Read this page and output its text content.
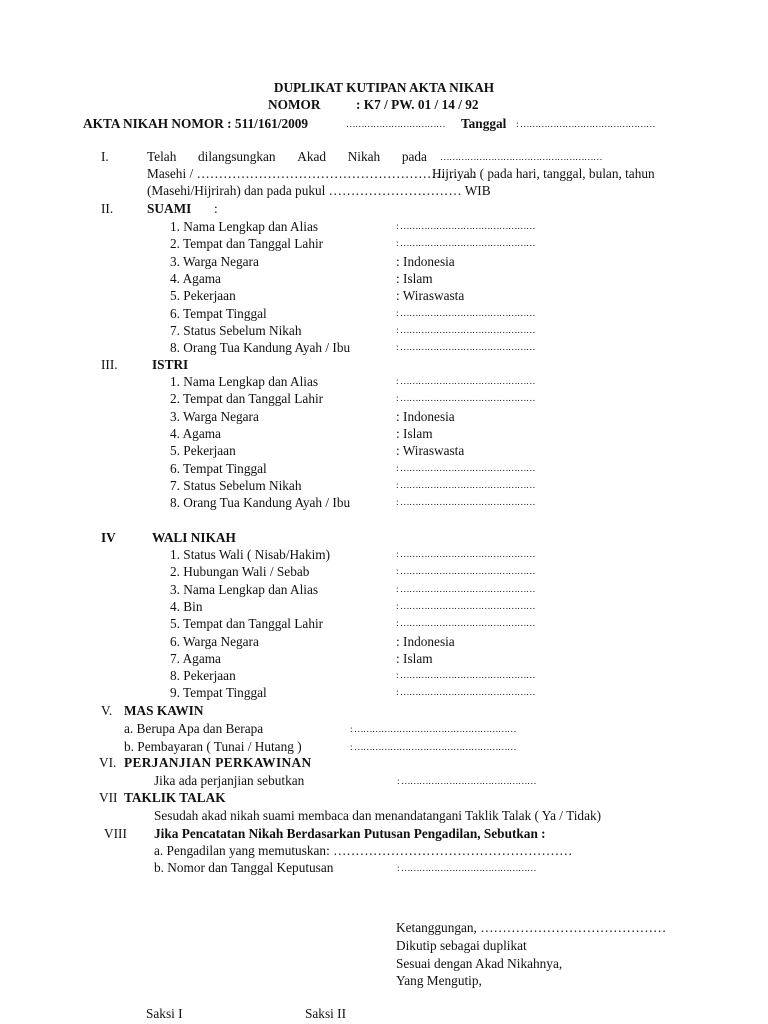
DUPLIKAT KUTIPAN AKTA NIKAH
NOMOR	: K7 / PW. 01 / 14 / 92
AKTA NIKAH NOMOR : 511/161/2009	…………………………… Tanggal : ………………………………………
I.	Telah dilangsungkan Akad Nikah pada ………………………………………………
Masehi / ………………………………………………………
Hijriyah ( pada hari, tanggal, bulan, tahun
(Masehi/Hijrirah) dan pada pukul ………………………… WIB
II.	SUAMI :
1. Nama Lengkap dan Alias	: ………………………………………
2. Tempat dan Tanggal Lahir	: ………………………………………
3. Warga Negara	: Indonesia
4. Agama	: Islam
5. Pekerjaan	: Wiraswasta
6. Tempat Tinggal	: ………………………………………
7. Status Sebelum Nikah	: ………………………………………
8. Orang Tua Kandung Ayah / Ibu	: ………………………………………
III.	ISTRI
1. Nama Lengkap dan Alias	: ………………………………………
2. Tempat dan Tanggal Lahir	: ………………………………………
3. Warga Negara	: Indonesia
4. Agama	: Islam
5. Pekerjaan	: Wiraswasta
6. Tempat Tinggal	: ………………………………………
7. Status Sebelum Nikah	: ………………………………………
8. Orang Tua Kandung Ayah / Ibu	: ………………………………………
IV	WALI NIKAH
1. Status Wali ( Nisab/Hakim)	: ………………………………………
2. Hubungan Wali / Sebab	: ………………………………………
3. Nama Lengkap dan Alias	: ………………………………………
4. Bin	: ………………………………………
5. Tempat dan Tanggal Lahir	: ………………………………………
6. Warga Negara	: Indonesia
7. Agama	: Islam
8. Pekerjaan	: ………………………………………
9. Tempat Tinggal	: ………………………………………
V. MAS KAWIN
a. Berupa Apa dan Berapa	: ………………………………………………
b. Pembayaran ( Tunai / Hutang )	: ………………………………………………
VI. PERJANJIAN PERKAWINAN
Jika ada perjanjian sebutkan	: ………………………………………
VII TAKLIK TALAK
Sesudah akad nikah suami membaca dan menandatangani Taklik Talak ( Ya / Tidak)
VIII Jika Pencatatan Nikah Berdasarkan Putusan Pengadilan, Sebutkan :
a. Pengadilan yang memutuskan: ………………………………………………
b. Nomor dan Tanggal Keputusan	: ………………………………………
Ketanggungan, ……………………………………
Dikutip sebagai duplikat
Sesuai dengan Akad Nikahnya,
Yang Mengutip,
Saksi I	Saksi II
